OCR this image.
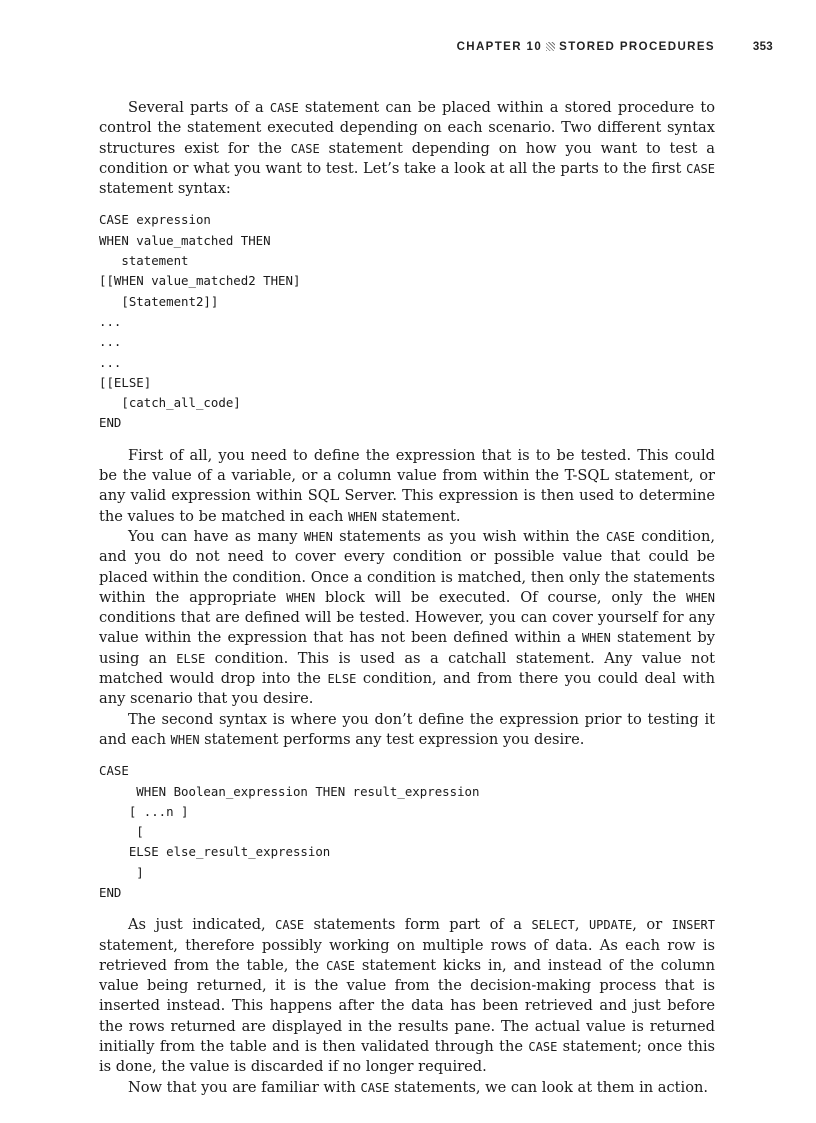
CHAPTER 10 STORED PROCEDURES	353

Several parts of a CASE statement can be placed within a stored procedure to control the statement executed depending on each scenario. Two different syntax structures exist for the CASE statement depending on how you want to test a condition or what you want to test. Let’s take a look at all the parts to the first CASE statement syntax:

CASE expression
WHEN value_matched THEN
statement
[[WHEN value_matched2 THEN]
[Statement2]]
...
...
...
[[ELSE]
[catch_all_code]
END

First of all, you need to define the expression that is to be tested. This could be the value of a variable, or a column value from within the T-SQL statement, or any valid expression within SQL Server. This expression is then used to determine the values to be matched in each WHEN statement.

You can have as many WHEN statements as you wish within the CASE condition, and you do not need to cover every condition or possible value that could be placed within the condition. Once a condition is matched, then only the statements within the appropriate WHEN block will be executed. Of course, only the WHEN conditions that are defined will be tested. However, you can cover yourself for any value within the expression that has not been defined within a WHEN statement by using an ELSE condition. This is used as a catchall statement. Any value not matched would drop into the ELSE condition, and from there you could deal with any scenario that you desire.

The second syntax is where you don’t define the expression prior to testing it and each WHEN statement performs any test expression you desire.

CASE
WHEN Boolean_expression THEN result_expression
[ ...n ]
[
ELSE else_result_expression
]
END

As just indicated, CASE statements form part of a SELECT, UPDATE, or INSERT statement, therefore possibly working on multiple rows of data. As each row is retrieved from the table, the CASE statement kicks in, and instead of the column value being returned, it is the value from the decision-making process that is inserted instead. This happens after the data has been retrieved and just before the rows returned are displayed in the results pane. The actual value is returned initially from the table and is then validated through the CASE statement; once this is done, the value is discarded if no longer required.

Now that you are familiar with CASE statements, we can look at them in action.
